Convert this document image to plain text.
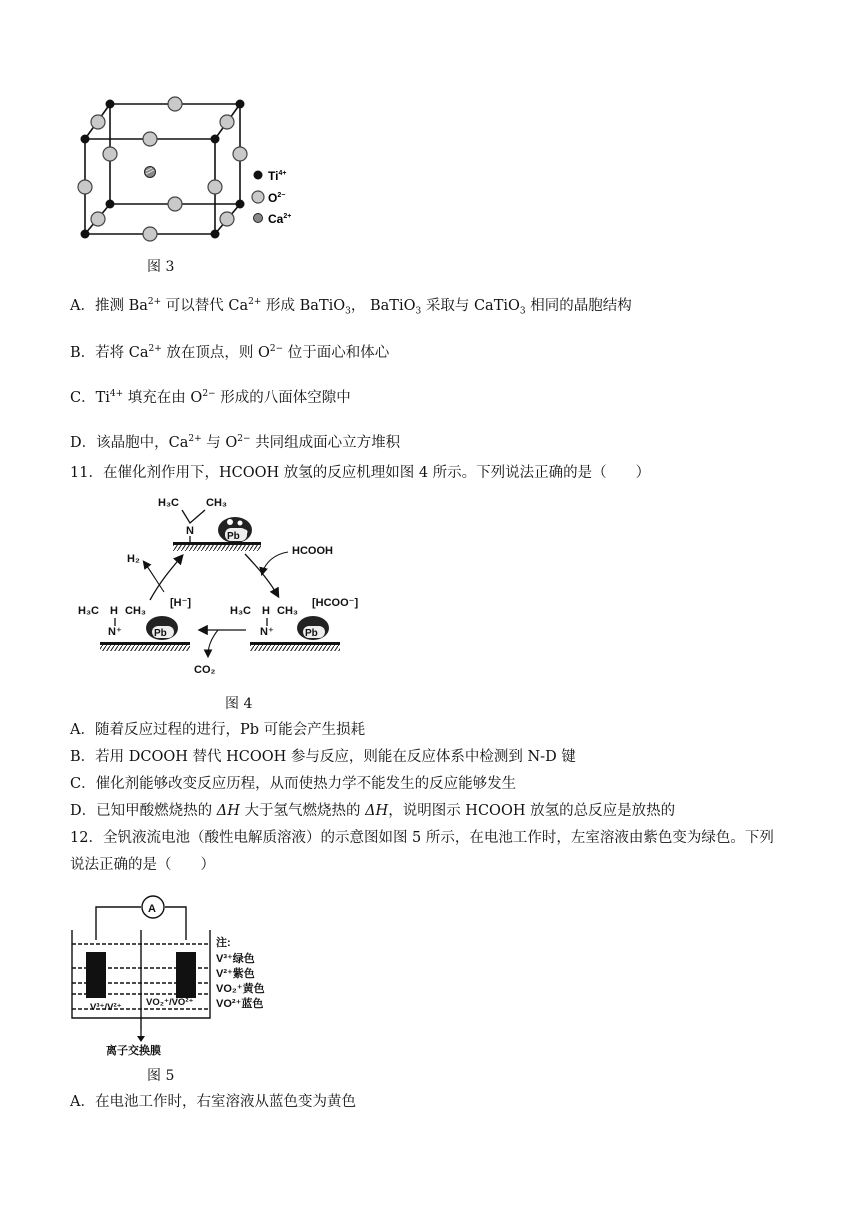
$Ti^{4+}$
$O^{2-}$
$Ca^{2+}$
图 3
A．推测 $Ba^{2+}$ 可以替代 $Ca^{2+}$ 形成 BaTiO$_3$， BaTiO$_3$ 采取与 CaTiO$_3$ 相同的晶胞结构
B．若将 $Ca^{2+}$ 放在顶点，则 $O^{2-}$ 位于面心和体心
C．$Ti^{4+}$ 填充在由 $O^{2-}$ 形成的八面体空隙中
D．该晶胞中，$Ca^{2+}$ 与 $O^{2-}$ 共同组成面心立方堆积
11．在催化剂作用下，HCOOH 放氢的反应机理如图 4 所示。下列说法正确的是（　　）
H₃C CH₃
N	Pb
H₂
HCOOH
H₃C H CH₃
[H⁻]
N⁺	Pb
H₃C H CH₃
[HCOO⁻]
N⁺	Pb
CO₂
图 4
A．随着反应过程的进行，Pb 可能会产生损耗
B．若用 DCOOH 替代 HCOOH 参与反应，则能在反应体系中检测到 N-D 键
C．催化剂能够改变反应历程，从而使热力学不能发生的反应能够发生
D．已知甲酸燃烧热的 ΔH 大于氢气燃烧热的 ΔH，说明图示 HCOOH 放氢的总反应是放热的
12．全钒液流电池（酸性电解质溶液）的示意图如图 5 所示，在电池工作时，左室溶液由紫色变为绿色。下列
说法正确的是（　　）
A
V³⁺/V²⁺	VO₂⁺/VO²⁺
注:
V³⁺绿色
V²⁺紫色
VO₂⁺黄色
VO²⁺蓝色
离子交换膜
图 5
A．在电池工作时，右室溶液从蓝色变为黄色
